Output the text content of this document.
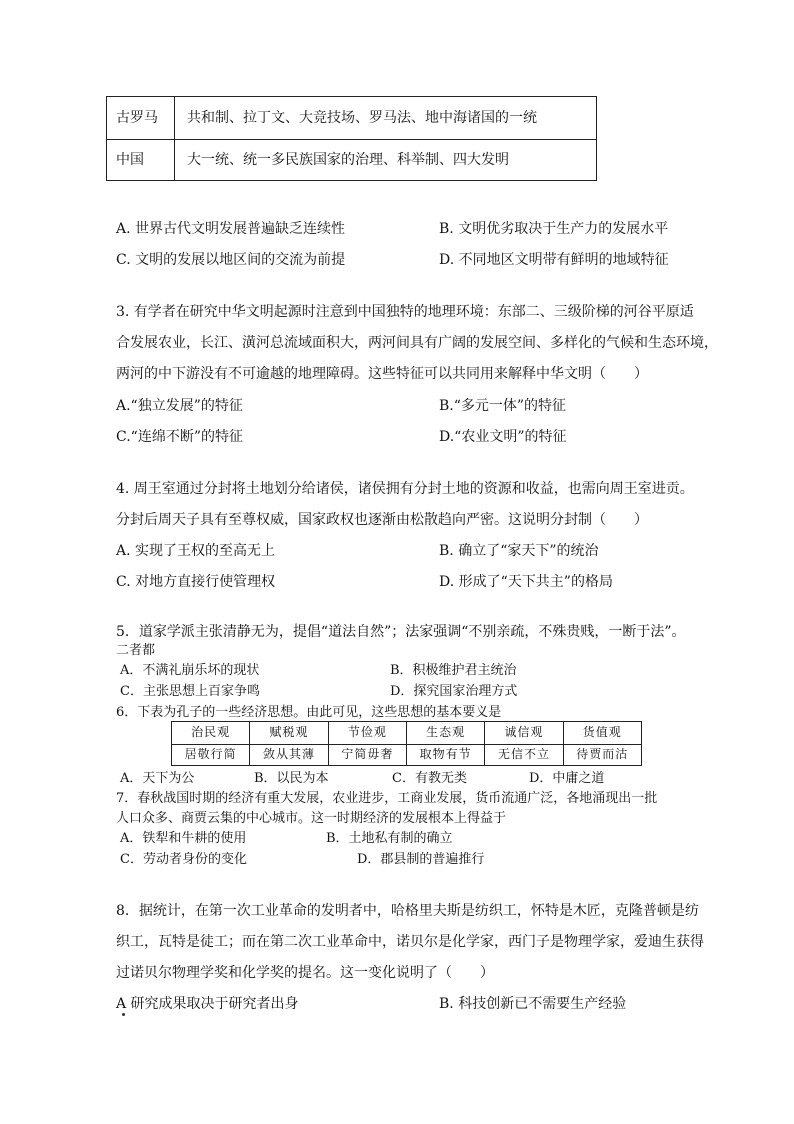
古罗马 共和制、拉丁文、大竞技场、罗马法、地中海诸国的一统
中国	大一统、统一多民族国家的治理、科举制、四大发明
A. 世界古代文明发展普遍缺乏连续性	B. 文明优劣取决于生产力的发展水平
C. 文明的发展以地区间的交流为前提	D. 不同地区文明带有鲜明的地域特征
3. 有学者在研究中华文明起源时注意到中国独特的地理环境：东部二、三级阶梯的河谷平原适
合发展农业，长江、潢河总流域面积大，两河间具有广阔的发展空间、多样化的气候和生态环境，
两河的中下游没有不可逾越的地理障碍。这些特征可以共同用来解释中华文明（　　）
A.“独立发展”的特征	B.“多元一体”的特征
C.“连绵不断”的特征	D.“农业文明”的特征
4. 周王室通过分封将土地划分给诸侯，诸侯拥有分封土地的资源和收益，也需向周王室进贡。
分封后周天子具有至尊权威，国家政权也逐渐由松散趋向严密。这说明分封制（　　）
A. 实现了王权的至高无上	B. 确立了“家天下”的统治
C. 对地方直接行使管理权	D. 形成了“天下共主”的格局
5．道家学派主张清静无为，提倡“道法自然”；法家强调“不别亲疏，不殊贵贱，一断于法”。
二者都
A．不满礼崩乐坏的现状	B．积极维护君主统治
C．主张思想上百家争鸣	D．探究国家治理方式
6．下表为孔子的一些经济思想。由此可见，这些思想的基本要义是
治民观	赋税观	节俭观	生态观	诚信观	货值观
居敬行简	敛从其薄	宁简毋奢	取物有节	无信不立	待贾而沽
A．天下为公	B．以民为本	C．有教无类	D．中庸之道
7．春秋战国时期的经济有重大发展，农业进步，工商业发展，货币流通广泛，各地涌现出一批
人口众多、商贾云集的中心城市。这一时期经济的发展根本上得益于
A．铁犁和牛耕的使用	B．土地私有制的确立
C．劳动者身份的变化	D．郡县制的普遍推行
8．据统计，在第一次工业革命的发明者中，哈格里夫斯是纺织工，怀特是木匠，克隆普顿是纺
织工，瓦特是徒工；而在第二次工业革命中，诺贝尔是化学家，西门子是物理学家，爱迪生获得
过诺贝尔物理学奖和化学奖的提名。这一变化说明了（　　）
A 研究成果取决于研究者出身	B. 科技创新已不需要生产经验
